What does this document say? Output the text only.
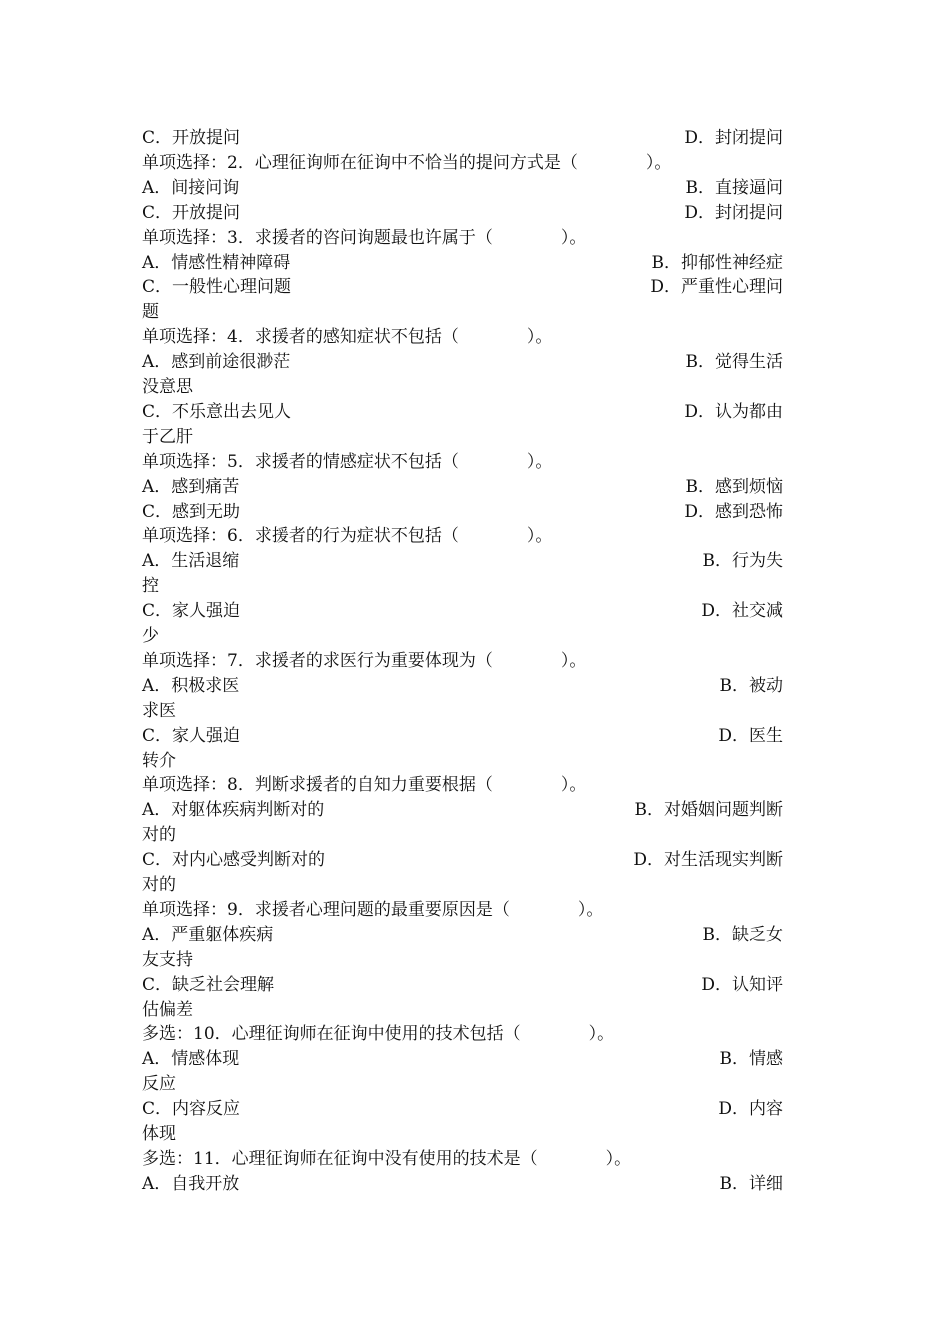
C．开放提问	D．封闭提问
单项选择：2．心理征询师在征询中不恰当的提问方式是（　　　　）。
A．间接问询	B．直接逼问
C．开放提问	D．封闭提问
单项选择：3．求援者的咨问询题最也许属于（　　　　）。
A．情感性精神障碍	B．抑郁性神经症
C．一般性心理问题	D．严重性心理问
题
单项选择：4．求援者的感知症状不包括（　　　　）。
A．感到前途很渺茫	B．觉得生活
没意思
C．不乐意出去见人	D．认为都由
于乙肝
单项选择：5．求援者的情感症状不包括（　　　　）。
A．感到痛苦	B．感到烦恼
C．感到无助	D．感到恐怖
单项选择：6．求援者的行为症状不包括（　　　　）。
A．生活退缩	B．行为失
控
C．家人强迫	D．社交减
少
单项选择：7．求援者的求医行为重要体现为（　　　　）。
A．积极求医	B．被动
求医
C．家人强迫	D．医生
转介
单项选择：8．判断求援者的自知力重要根据（　　　　）。
A．对躯体疾病判断对的	B．对婚姻问题判断
对的
C．对内心感受判断对的	D．对生活现实判断
对的
单项选择：9．求援者心理问题的最重要原因是（　　　　）。
A．严重躯体疾病	B．缺乏女
友支持
C．缺乏社会理解	D．认知评
估偏差
多选：10．心理征询师在征询中使用的技术包括（　　　　）。
A．情感体现	B．情感
反应
C．内容反应	D．内容
体现
多选：11．心理征询师在征询中没有使用的技术是（　　　　）。
A．自我开放	B．详细
